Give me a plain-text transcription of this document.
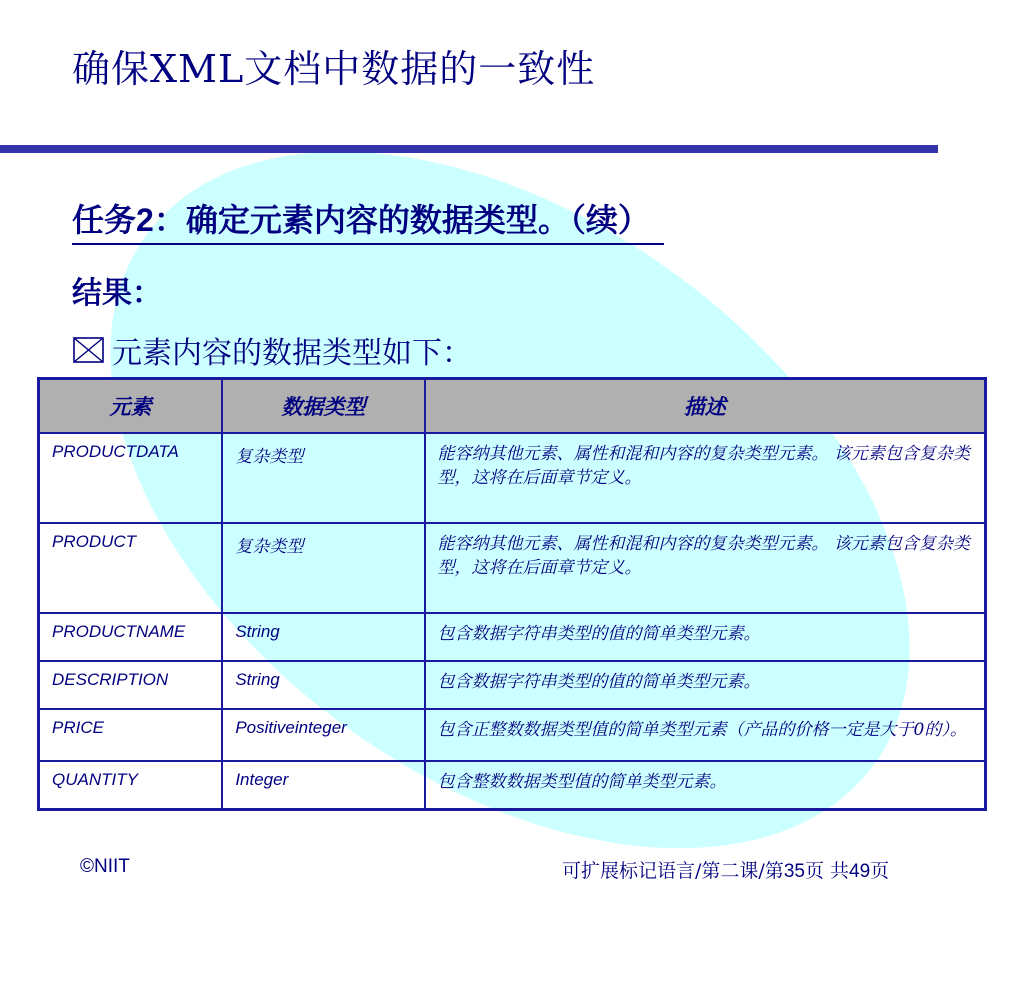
确保XML文档中数据的一致性
任务 2 ：确定元素内容的数据类型。（续）
结果：
元素内容的数据类型如下：
元素	数据类型	描述
PRODUCTDATA	复杂类型	能容纳其他元素、属性和混和内容的复杂类型元素。 该元素包含复杂类型，这将在后面章节定义。
PRODUCT	复杂类型	能容纳其他元素、属性和混和内容的复杂类型元素。 该元素包含复杂类型，这将在后面章节定义。
PRODUCTNAME	String	包含数据字符串类型的值的简单类型元素。
DESCRIPTION	String	包含数据字符串类型的值的简单类型元素。
PRICE	Positiveinteger	包含正整数数据类型值的简单类型元素（产品的价格一定是大于0的）。
QUANTITY	Integer	包含整数数据类型值的简单类型元素。
©NIIT	可扩展标记语言/第二课/第 35 页 共 49 页
